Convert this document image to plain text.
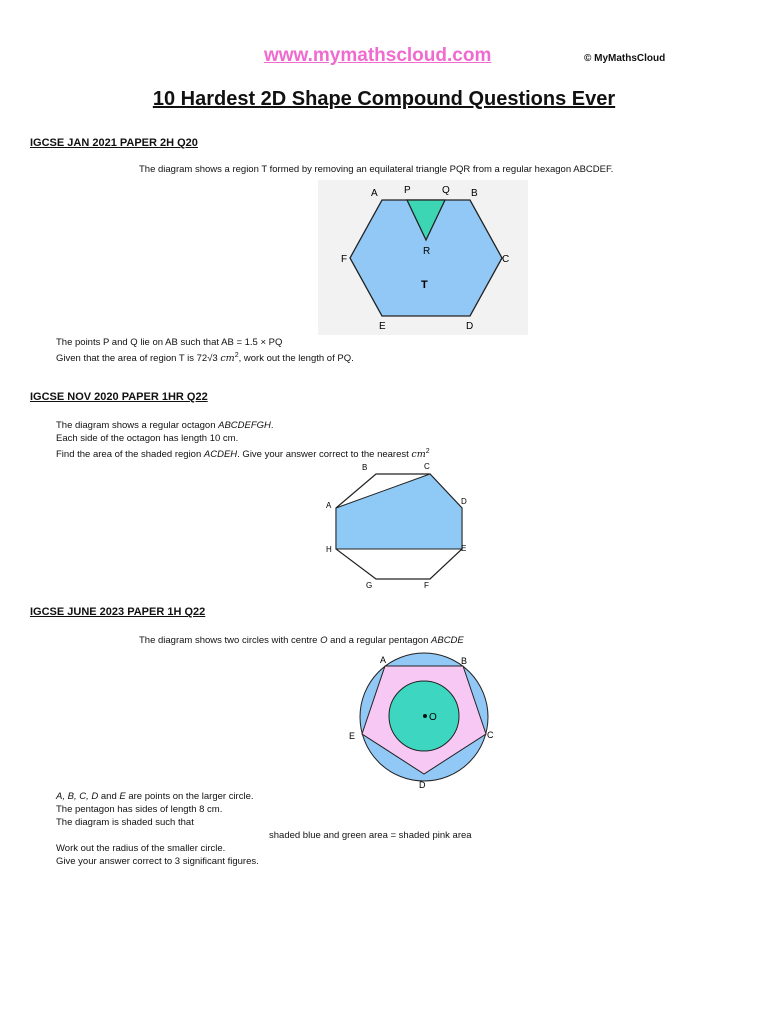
www.mymathscloud.com	© MyMathsCloud
10 Hardest 2D Shape Compound Questions Ever
IGCSE JAN 2021 PAPER 2H Q20
The diagram shows a region T formed by removing an equilateral triangle PQR from a regular hexagon ABCDEF.
A	P	Q B
R
F	C
T
E	D
The points P and Q lie on AB such that AB = 1.5 × PQ
Given that the area of region T is 72√3 $cm^2$, work out the length of PQ.
IGCSE NOV 2020 PAPER 1HR Q22
The diagram shows a regular octagon ABCDEFGH.
Each side of the octagon has length 10 cm.
Find the area of the shaded region ACDEH. Give your answer correct to the nearest $cm^2$
B	C
A	D
H	E
G	F
IGCSE JUNE 2023 PAPER 1H Q22
The diagram shows two circles with centre O and a regular pentagon ABCDE
O
A	B
C
E
D
A, B, C, D and E are points on the larger circle.
The pentagon has sides of length 8 cm.
The diagram is shaded such that
shaded blue and green area = shaded pink area
Work out the radius of the smaller circle.
Give your answer correct to 3 significant figures.
